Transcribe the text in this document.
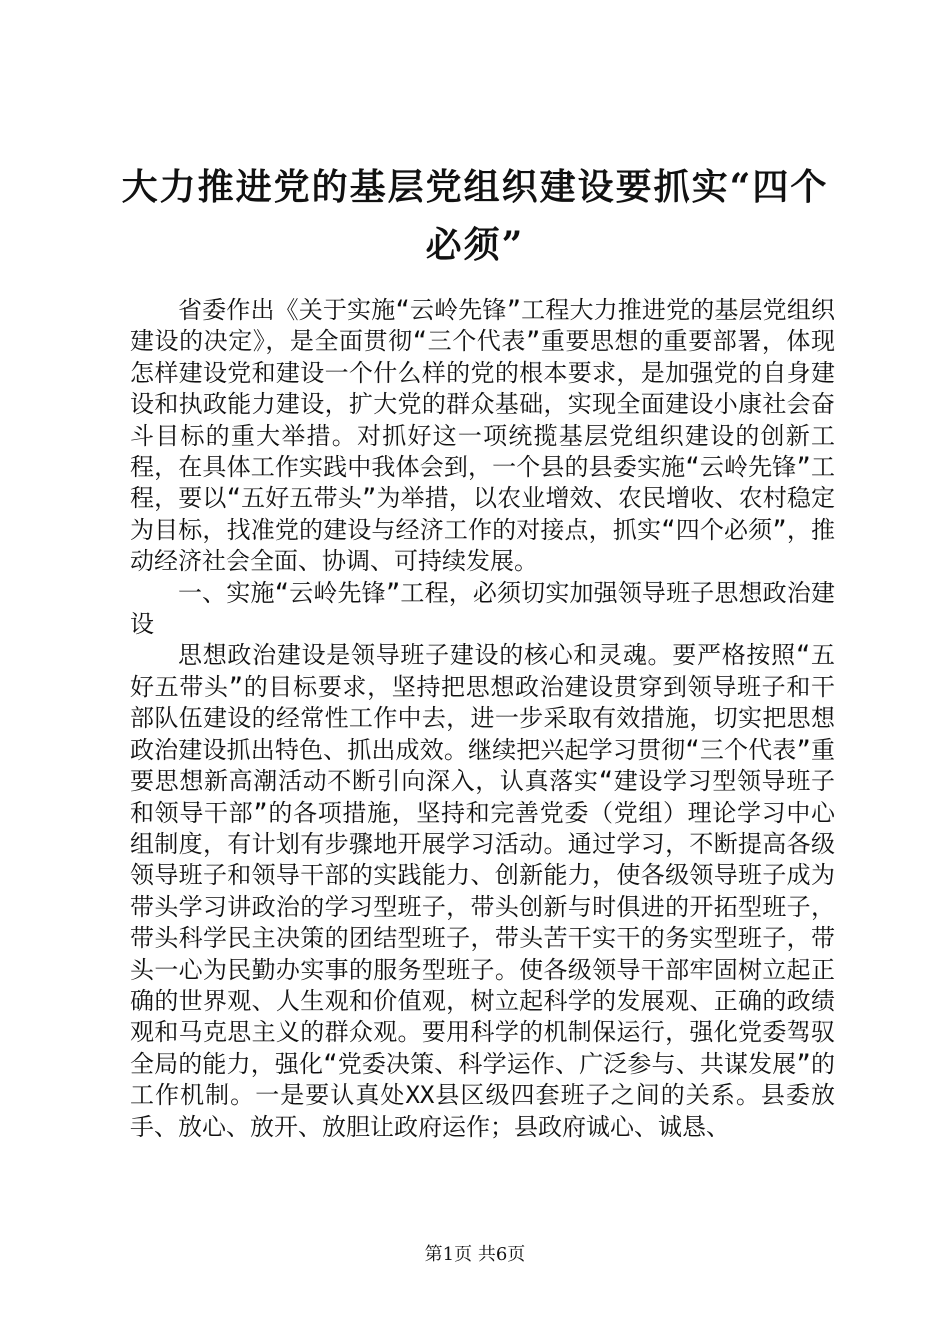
大力推进党的基层党组织建设要抓实“四个必须”

省委作出《关于实施“云岭先锋”工程大力推进党的基层党组织建设的决定》，是全面贯彻“三个代表”重要思想的重要部署，体现怎样建设党和建设一个什么样的党的根本要求，是加强党的自身建设和执政能力建设，扩大党的群众基础，实现全面建设小康社会奋斗目标的重大举措。对抓好这一项统揽基层党组织建设的创新工程，在具体工作实践中我体会到，一个县的县委实施“云岭先锋”工程，要以“五好五带头”为举措，以农业增效、农民增收、农村稳定为目标，找准党的建设与经济工作的对接点，抓实“四个必须”，推动经济社会全面、协调、可持续发展。

一、实施“云岭先锋”工程，必须切实加强领导班子思想政治建设

思想政治建设是领导班子建设的核心和灵魂。要严格按照“五好五带头”的目标要求，坚持把思想政治建设贯穿到领导班子和干部队伍建设的经常性工作中去，进一步采取有效措施，切实把思想政治建设抓出特色、抓出成效。继续把兴起学习贯彻“三个代表”重要思想新高潮活动不断引向深入，认真落实“建设学习型领导班子和领导干部”的各项措施，坚持和完善党委（党组）理论学习中心组制度，有计划有步骤地开展学习活动。通过学习，不断提高各级领导班子和领导干部的实践能力、创新能力，使各级领导班子成为带头学习讲政治的学习型班子，带头创新与时俱进的开拓型班子，带头科学民主决策的团结型班子，带头苦干实干的务实型班子，带头一心为民勤办实事的服务型班子。使各级领导干部牢固树立起正确的世界观、人生观和价值观，树立起科学的发展观、正确的政绩观和马克思主义的群众观。要用科学的机制保运行，强化党委驾驭全局的能力，强化“党委决策、科学运作、广泛参与、共谋发展”的工作机制。一是要认真处XX县区级四套班子之间的关系。县委放手、放心、放开、放胆让政府运作；县政府诚心、诚恳、

第1页 共6页
